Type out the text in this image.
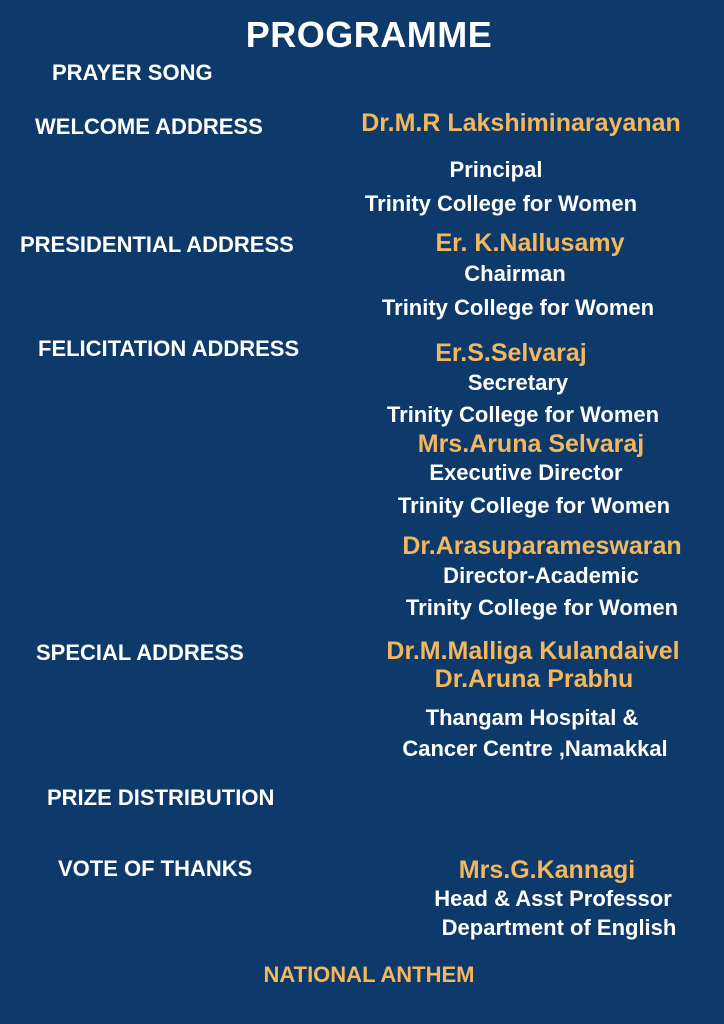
PROGRAMME
PRAYER SONG
WELCOME ADDRESS	Dr.M.R Lakshiminarayanan
Principal
Trinity College for Women
PRESIDENTIAL ADDRESS	Er. K.Nallusamy
Chairman
Trinity College for Women
FELICITATION ADDRESS	Er.S.Selvaraj
Secretary
Trinity College for Women
Mrs.Aruna Selvaraj
Executive Director
Trinity College for Women
Dr.Arasuparameswaran
Director-Academic
Trinity College for Women
SPECIAL ADDRESS	Dr.M.Malliga Kulandaivel
Dr.Aruna Prabhu
Thangam Hospital &
Cancer Centre ,Namakkal
PRIZE DISTRIBUTION
VOTE OF THANKS	Mrs.G.Kannagi
Head & Asst Professor
Department of English
NATIONAL ANTHEM
